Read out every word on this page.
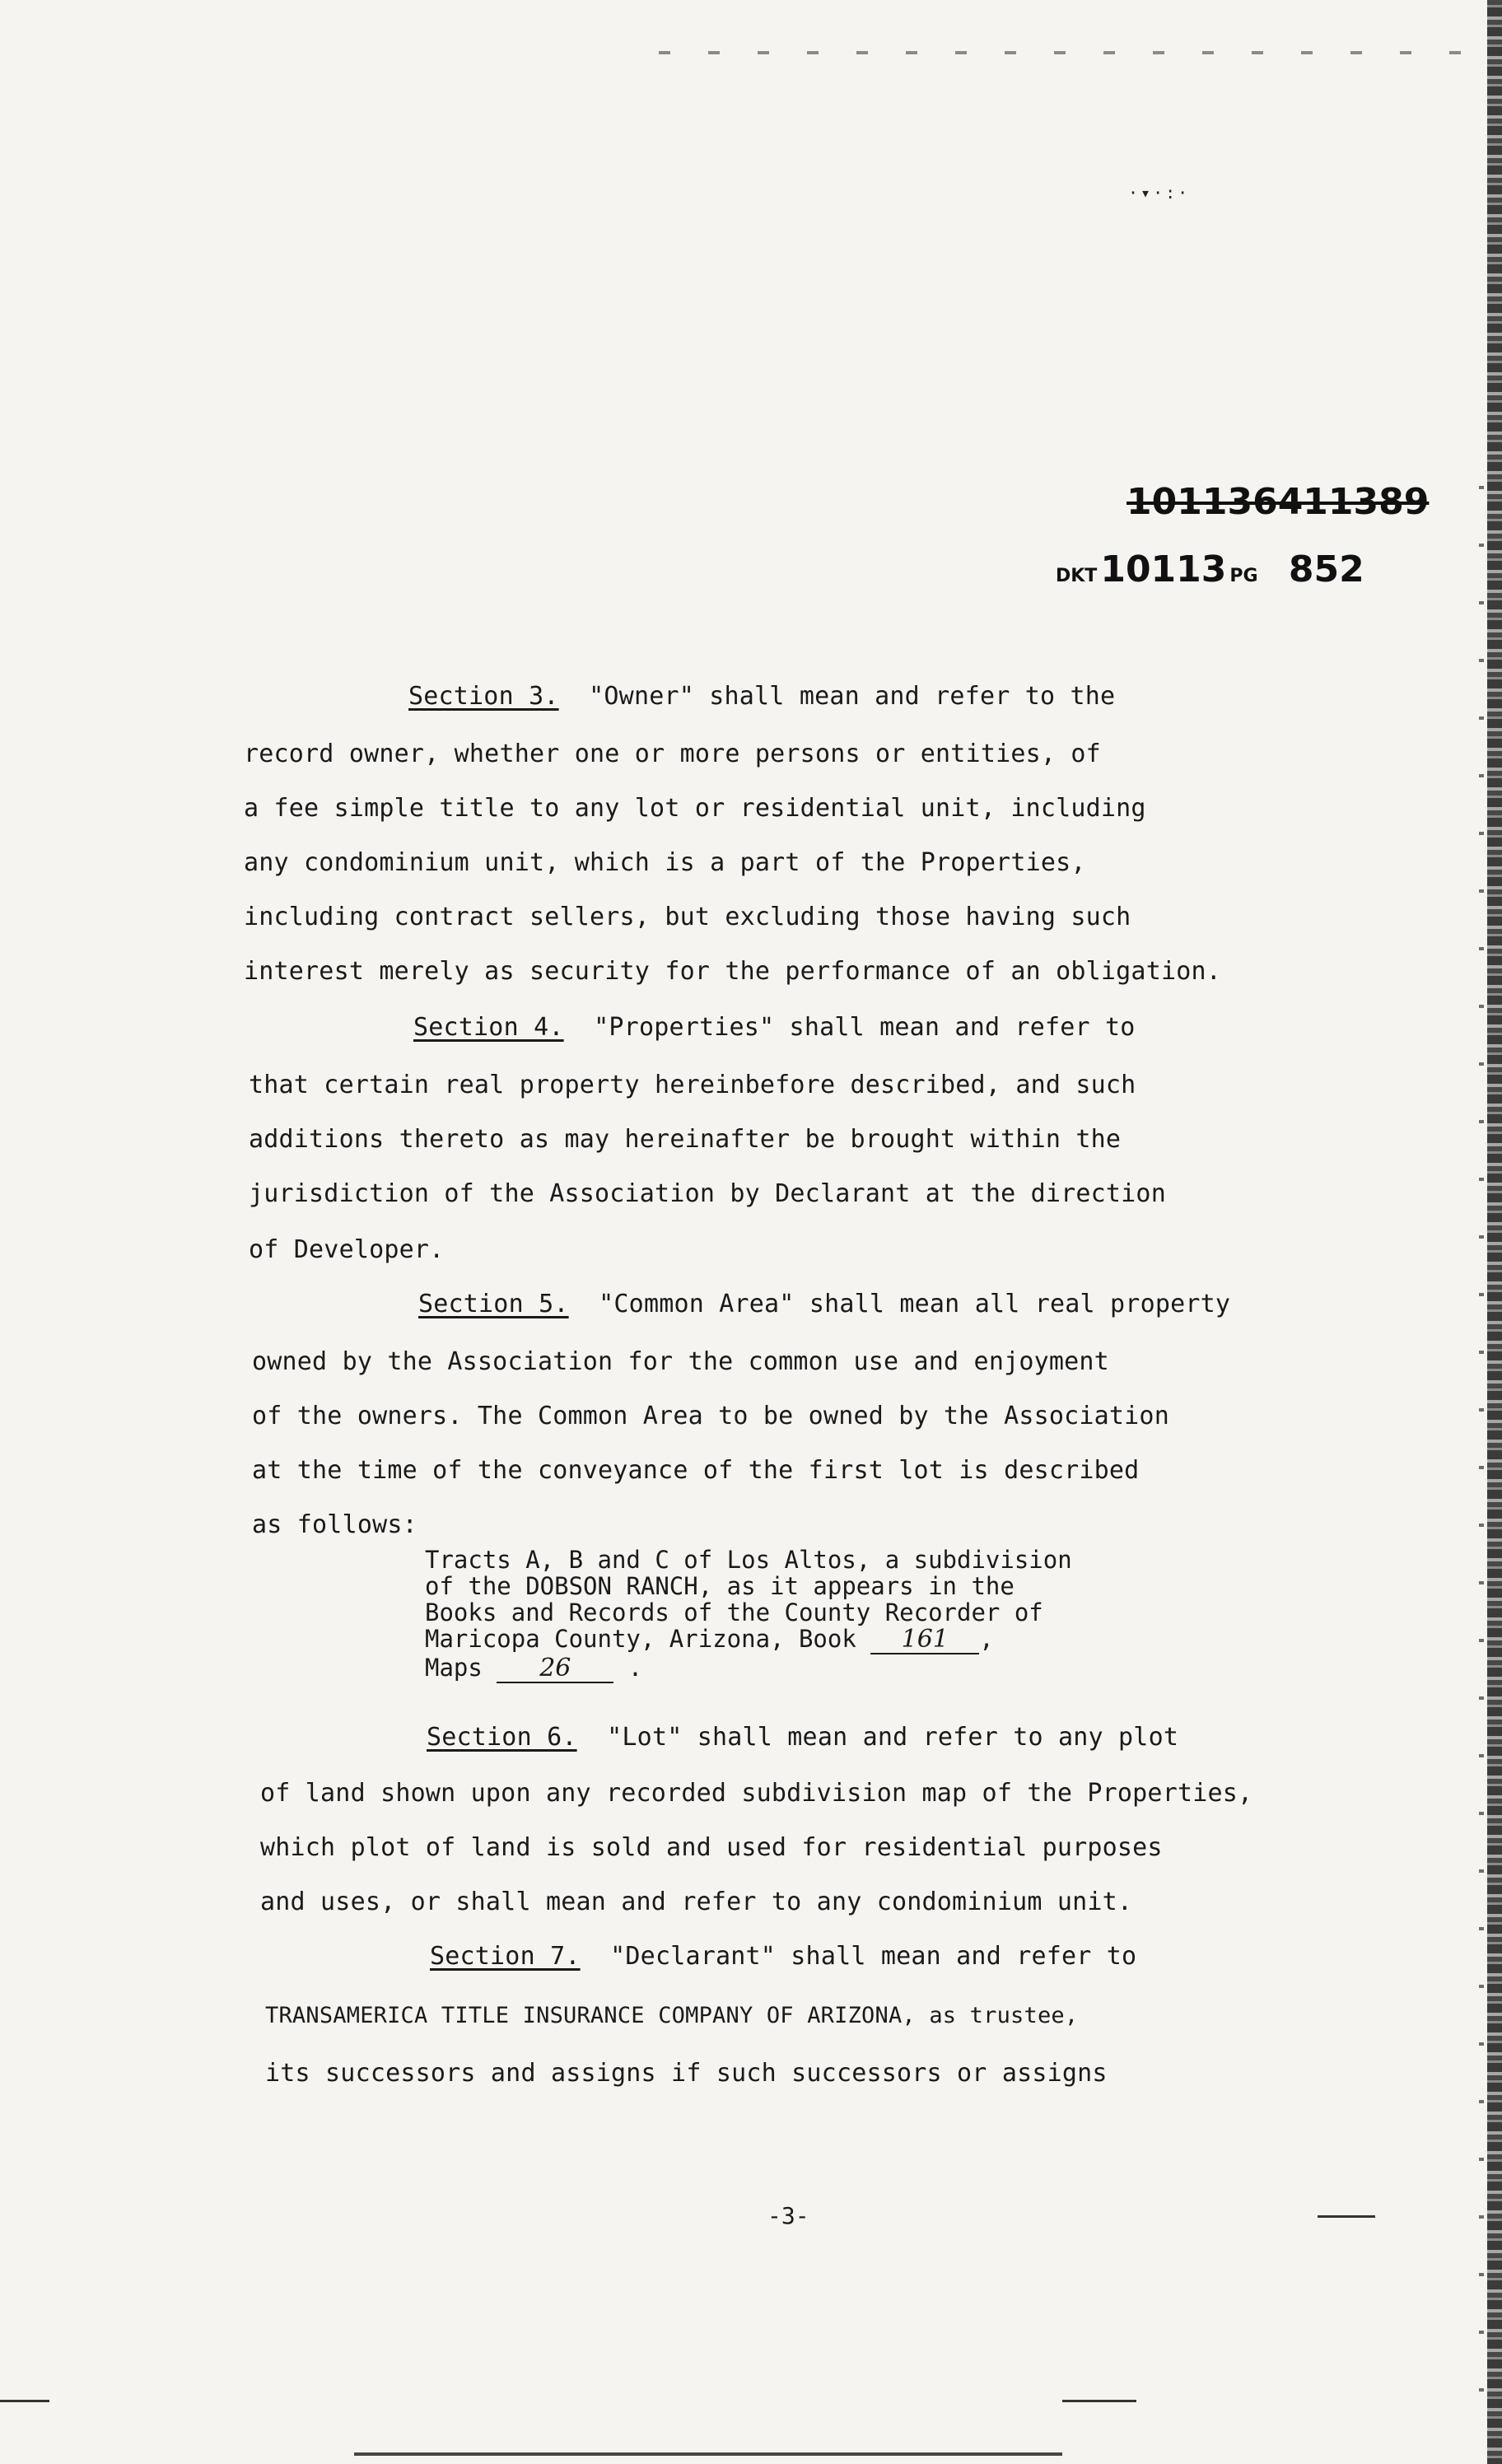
·▾·:·
101136411389
DKT10113 PG 852
Section 3. "Owner" shall mean and refer to the
record owner, whether one or more persons or entities, of
a fee simple title to any lot or residential unit, including
any condominium unit, which is a part of the Properties,
including contract sellers, but excluding those having such
interest merely as security for the performance of an obligation.
Section 4. "Properties" shall mean and refer to
that certain real property hereinbefore described, and such
additions thereto as may hereinafter be brought within the
jurisdiction of the Association by Declarant at the direction
of Developer.
Section 5. "Common Area" shall mean all real property
owned by the Association for the common use and enjoyment
of the owners. The Common Area to be owned by the Association
at the time of the conveyance of the first lot is described
as follows:
Tracts A, B and C of Los Altos, a subdivision
of the DOBSON RANCH, as it appears in the
Books and Records of the County Recorder of
Maricopa County, Arizona, Book 161 ,
Maps 26 .
Section 6. "Lot" shall mean and refer to any plot
of land shown upon any recorded subdivision map of the Properties,
which plot of land is sold and used for residential purposes
and uses, or shall mean and refer to any condominium unit.
Section 7. "Declarant" shall mean and refer to
TRANSAMERICA TITLE INSURANCE COMPANY OF ARIZONA, as trustee,
its successors and assigns if such successors or assigns
-3-
